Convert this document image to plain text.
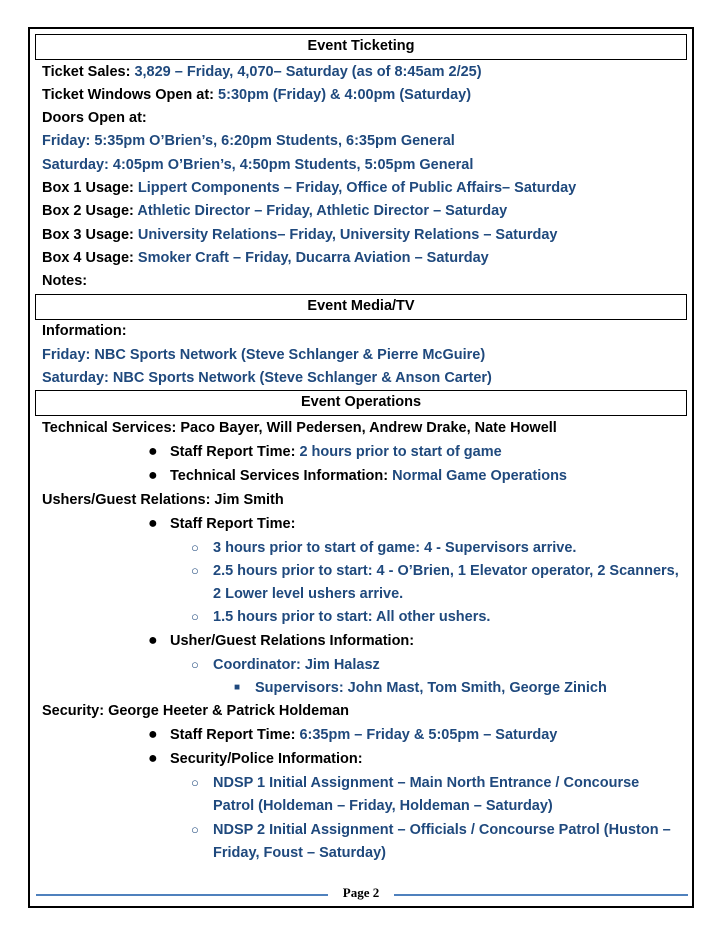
Event Ticketing
Ticket Sales: 3,829 – Friday, 4,070– Saturday (as of 8:45am 2/25)
Ticket Windows Open at: 5:30pm (Friday) & 4:00pm (Saturday)
Doors Open at:
Friday: 5:35pm O’Brien’s, 6:20pm Students, 6:35pm General
Saturday: 4:05pm O’Brien’s, 4:50pm Students, 5:05pm General
Box 1 Usage: Lippert Components – Friday, Office of Public Affairs– Saturday
Box 2 Usage: Athletic Director – Friday, Athletic Director – Saturday
Box 3 Usage: University Relations– Friday, University Relations – Saturday
Box 4 Usage: Smoker Craft – Friday, Ducarra Aviation – Saturday
Notes:
Event Media/TV
Information:
Friday: NBC Sports Network (Steve Schlanger & Pierre McGuire)
Saturday: NBC Sports Network (Steve Schlanger & Anson Carter)
Event Operations
Technical Services: Paco Bayer, Will Pedersen, Andrew Drake, Nate Howell
● Staff Report Time: 2 hours prior to start of game
● Technical Services Information: Normal Game Operations
Ushers/Guest Relations: Jim Smith
● Staff Report Time:
○ 3 hours prior to start of game: 4 - Supervisors arrive.
○ 2.5 hours prior to start: 4 - O’Brien, 1 Elevator operator, 2 Scanners,
2 Lower level ushers arrive.
○ 1.5 hours prior to start: All other ushers.
● Usher/Guest Relations Information:
○ Coordinator: Jim Halasz
■ Supervisors: John Mast, Tom Smith, George Zinich
Security: George Heeter & Patrick Holdeman
● Staff Report Time: 6:35pm – Friday & 5:05pm – Saturday
● Security/Police Information:
○ NDSP 1 Initial Assignment – Main North Entrance / Concourse
Patrol (Holdeman – Friday, Holdeman – Saturday)
○ NDSP 2 Initial Assignment – Officials / Concourse Patrol (Huston –
Friday, Foust – Saturday)
Page 2
